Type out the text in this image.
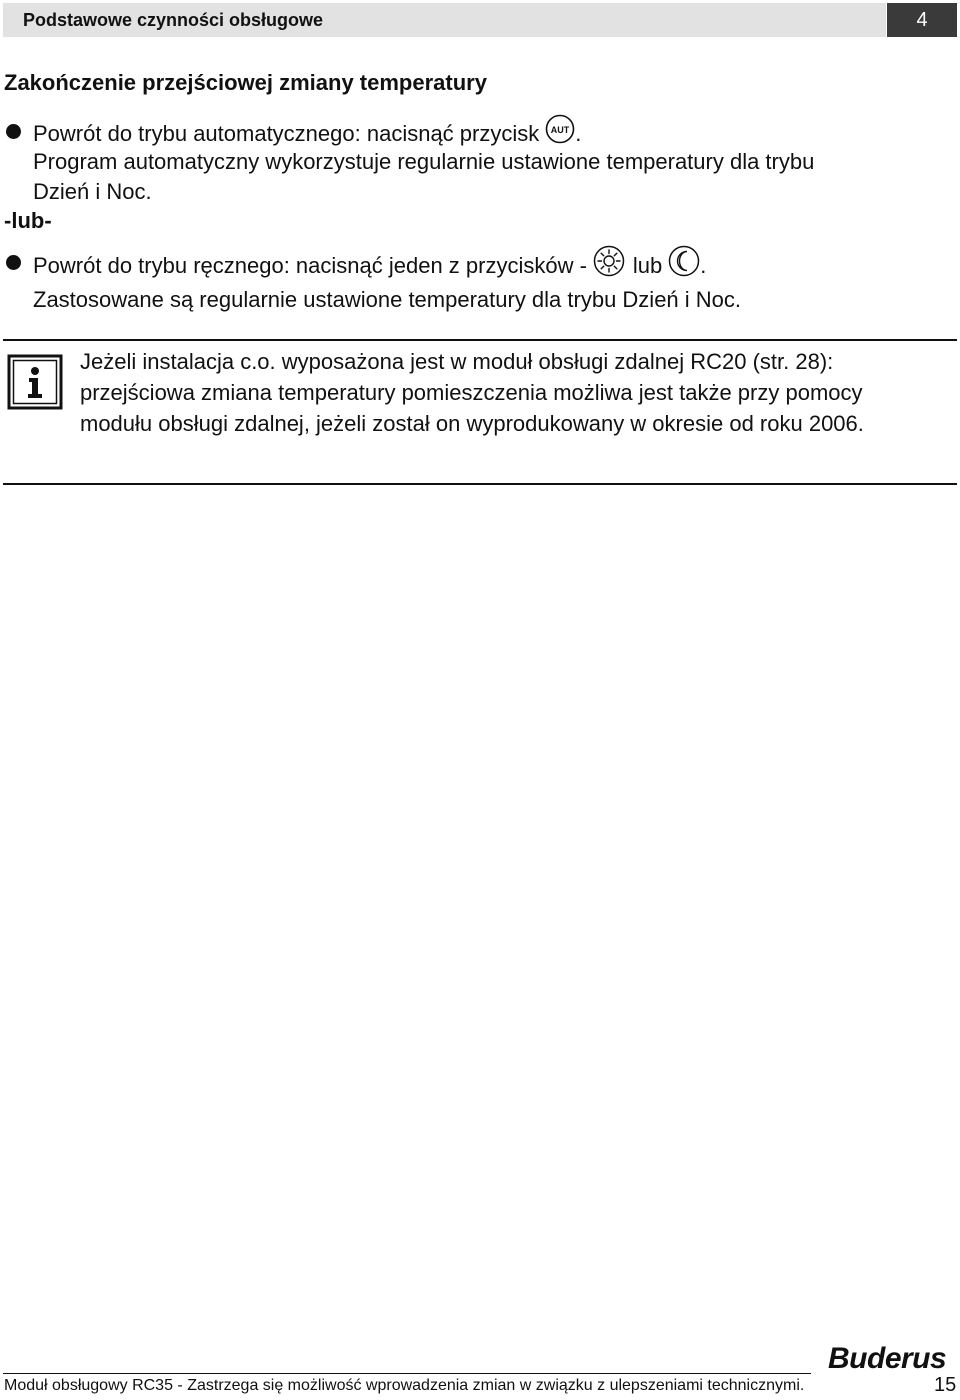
Podstawowe czynności obsługowe	4
Zakończenie przejściowej zmiany temperatury
Powrót do trybu automatycznego: nacisnąć przycisk AUT .
Program automatyczny wykorzystuje regularnie ustawione temperatury dla trybu
Dzień i Noc.
-lub-
Powrót do trybu ręcznego: nacisnąć jeden z przycisków - lub .
Zastosowane są regularnie ustawione temperatury dla trybu Dzień i Noc.
Jeżeli instalacja c.o. wyposażona jest w moduł obsługi zdalnej RC20 (str. 28): przejściowa zmiana temperatury pomieszczenia możliwa jest także przy pomocy modułu obsługi zdalnej, jeżeli został on wyprodukowany w okresie od roku 2006.
Buderus
Moduł obsługowy RC35 - Zastrzega się możliwość wprowadzenia zmian w związku z ulepszeniami technicznymi.	15
